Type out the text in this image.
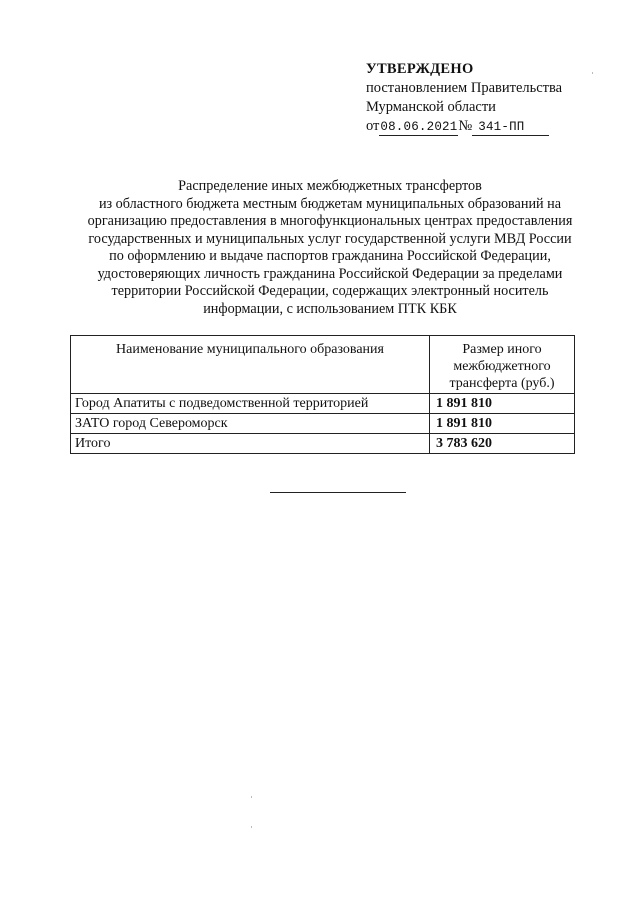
УТВЕРЖДЕНО
постановлением Правительства
Мурманской области
от08.06.2021№ 341-ПП
Распределение иных межбюджетных трансфертов
из областного бюджета местным бюджетам муниципальных образований на
организацию предоставления в многофункциональных центрах предоставления
государственных и муниципальных услуг государственной услуги МВД России
по оформлению и выдаче паспортов гражданина Российской Федерации,
удостоверяющих личность гражданина Российской Федерации за пределами
территории Российской Федерации, содержащих электронный носитель
информации, с использованием ПТК КБК
Наименование муниципального образования	Размер иного межбюджетного трансферта (руб.)
Город Апатиты с подведомственной территорией	1 891 810
ЗАТО город Североморск	1 891 810
Итого	3 783 620
